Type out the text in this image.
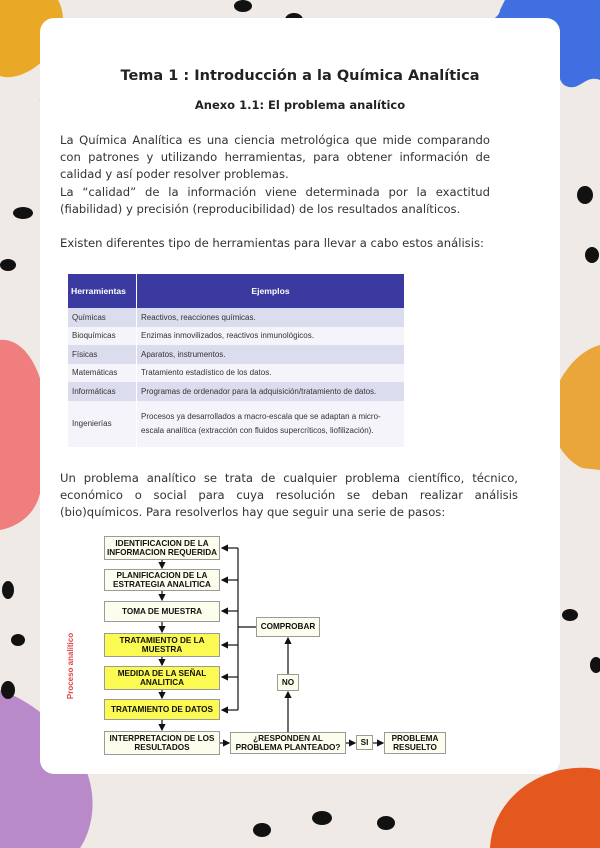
Tema 1 : Introducción a la Química Analítica
Anexo 1.1: El problema analítico
La Química Analítica es una ciencia metrológica que mide comparando con patrones y utilizando herramientas, para obtener información de calidad y así poder resolver problemas.
La “calidad” de la información viene determinada por la exactitud (fiabilidad) y precisión (reproducibilidad) de los resultados analíticos.
Existen diferentes tipo de herramientas para llevar a cabo estos análisis:
Herramientas	Ejemplos
Químicas	Reactivos, reacciones químicas.
Bioquímicas	Enzimas inmovilizados, reactivos inmunológicos.
Físicas	Aparatos, instrumentos.
Matemáticas	Tratamiento estadístico de los datos.
Informáticas	Programas de ordenador para la adquisición/tratamiento de datos.
Ingenierías	Procesos ya desarrollados a macro-escala que se adaptan a micro-escala analítica (extracción con fluidos supercríticos, liofilización).
Un problema analítico se trata de cualquier problema científico, técnico, económico o social para cuya resolución se deban realizar análisis (bio)químicos. Para resolverlos hay que seguir una serie de pasos:
Proceso analítico
IDENTIFICACION DE LA INFORMACION REQUERIDA
PLANIFICACION DE LA ESTRATEGIA ANALITICA
TOMA DE MUESTRA
TRATAMIENTO DE LA MUESTRA
MEDIDA DE LA SEÑAL ANALITICA
TRATAMIENTO DE DATOS
INTERPRETACION DE LOS RESULTADOS
COMPROBAR
NO
¿RESPONDEN AL PROBLEMA PLANTEADO?
SI	PROBLEMA RESUELTO
